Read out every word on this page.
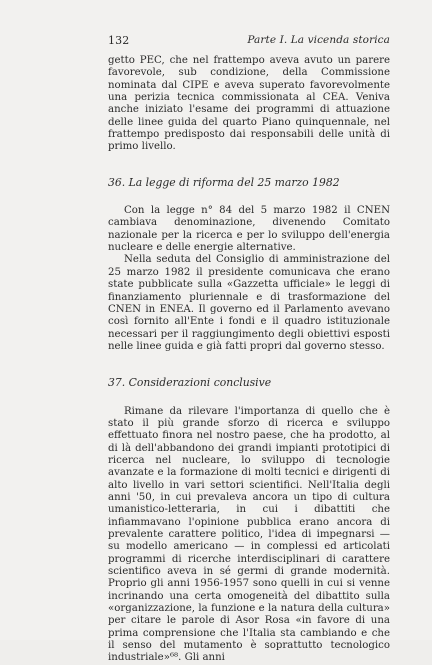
132	Parte I. La vicenda storica

getto PEC, che nel frattempo aveva avuto un parere favorevole, sub condizione, della Commissione nominata dal CIPE e aveva superato favorevolmente una perizia tecnica commissionata al CEA. Veniva anche iniziato l'esame dei programmi di attuazione delle linee guida del quarto Piano quinquennale, nel frattempo predisposto dai responsabili delle unità di primo livello.

36. La legge di riforma del 25 marzo 1982

Con la legge n° 84 del 5 marzo 1982 il CNEN cambiava denominazione, divenendo Comitato nazionale per la ricerca e per lo sviluppo dell'energia nucleare e delle energie alternative.

Nella seduta del Consiglio di amministrazione del 25 marzo 1982 il presidente comunicava che erano state pubblicate sulla «Gazzetta ufficiale» le leggi di finanziamento pluriennale e di trasformazione del CNEN in ENEA. Il governo ed il Parlamento avevano così fornito all'Ente i fondi e il quadro istituzionale necessari per il raggiungimento degli obiettivi esposti nelle linee guida e già fatti propri dal governo stesso.

37. Considerazioni conclusive

Rimane da rilevare l'importanza di quello che è stato il più grande sforzo di ricerca e sviluppo effettuato finora nel nostro paese, che ha prodotto, al di là dell'abbandono dei grandi impianti prototipici di ricerca nel nucleare, lo sviluppo di tecnologie avanzate e la formazione di molti tecnici e dirigenti di alto livello in vari settori scientifici. Nell'Italia degli anni '50, in cui prevaleva ancora un tipo di cultura umanistico-letteraria, in cui i dibattiti che infiammavano l'opinione pubblica erano ancora di prevalente carattere politico, l'idea di impegnarsi — su modello americano — in complessi ed articolati programmi di ricerche interdisciplinari di carattere scientifico aveva in sé germi di grande modernità. Proprio gli anni 1956-1957 sono quelli in cui si venne incrinando una certa omogeneità del dibattito sulla «organizzazione, la funzione e la natura della cultura» per citare le parole di Asor Rosa «in favore di una prima comprensione che l'Italia sta cambiando e che il senso del mutamento è soprattutto tecnologico industriale»⁶⁸. Gli anni
